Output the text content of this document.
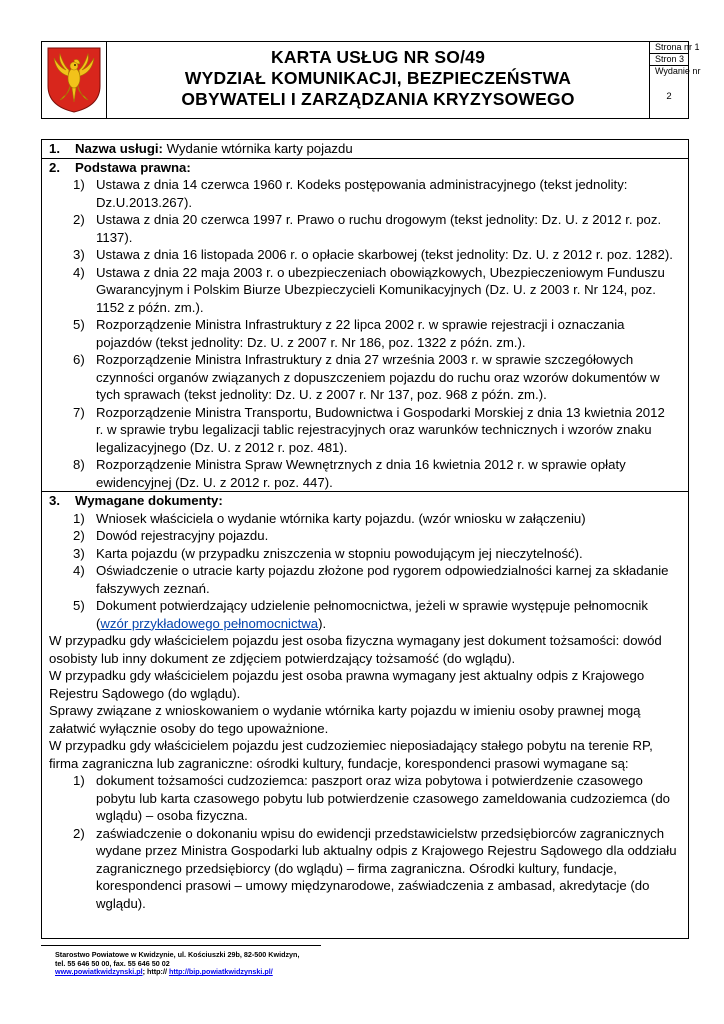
KARTA USŁUG NR SO/49
WYDZIAŁ KOMUNIKACJI, BEZPIECZEŃSTWA
OBYWATELI I ZARZĄDZANIA KRYZYSOWEGO
Strona nr 1
Stron 3
Wydanie nr
2
1. Nazwa usługi: Wydanie wtórnika karty pojazdu
2. Podstawa prawna:
1) Ustawa z dnia 14 czerwca 1960 r. Kodeks postępowania administracyjnego (tekst jednolity:
Dz.U.2013.267).
2) Ustawa z dnia 20 czerwca 1997 r. Prawo o ruchu drogowym (tekst jednolity: Dz. U. z 2012 r. poz.
1137).
3) Ustawa z dnia 16 listopada 2006 r. o opłacie skarbowej (tekst jednolity: Dz. U. z 2012 r. poz. 1282).
4) Ustawa z dnia 22 maja 2003 r. o ubezpieczeniach obowiązkowych, Ubezpieczeniowym Funduszu
Gwarancyjnym i Polskim Biurze Ubezpieczycieli Komunikacyjnych (Dz. U. z 2003 r. Nr 124, poz.
1152 z późn. zm.).
5) Rozporządzenie Ministra Infrastruktury z 22 lipca 2002 r. w sprawie rejestracji i oznaczania
pojazdów (tekst jednolity: Dz. U. z 2007 r. Nr 186, poz. 1322 z późn. zm.).
6) Rozporządzenie Ministra Infrastruktury z dnia 27 września 2003 r. w sprawie szczegółowych
czynności organów związanych z dopuszczeniem pojazdu do ruchu oraz wzorów dokumentów w
tych sprawach (tekst jednolity: Dz. U. z 2007 r. Nr 137, poz. 968 z późn. zm.).
7) Rozporządzenie Ministra Transportu, Budownictwa i Gospodarki Morskiej z dnia 13 kwietnia 2012
r. w sprawie trybu legalizacji tablic rejestracyjnych oraz warunków technicznych i wzorów znaku
legalizacyjnego (Dz. U. z 2012 r. poz. 481).
8) Rozporządzenie Ministra Spraw Wewnętrznych z dnia 16 kwietnia 2012 r. w sprawie opłaty
ewidencyjnej (Dz. U. z 2012 r. poz. 447).
3. Wymagane dokumenty:
1) Wniosek właściciela o wydanie wtórnika karty pojazdu. (wzór wniosku w załączeniu)
2) Dowód rejestracyjny pojazdu.
3) Karta pojazdu (w przypadku zniszczenia w stopniu powodującym jej nieczytelność).
4) Oświadczenie o utracie karty pojazdu złożone pod rygorem odpowiedzialności karnej za składanie
fałszywych zeznań.
5) Dokument potwierdzający udzielenie pełnomocnictwa, jeżeli w sprawie występuje pełnomocnik
(wzór przykładowego pełnomocnictwa).
W przypadku gdy właścicielem pojazdu jest osoba fizyczna wymagany jest dokument tożsamości: dowód
osobisty lub inny dokument ze zdjęciem potwierdzający tożsamość (do wglądu).
W przypadku gdy właścicielem pojazdu jest osoba prawna wymagany jest aktualny odpis z Krajowego
Rejestru Sądowego (do wglądu).
Sprawy związane z wnioskowaniem o wydanie wtórnika karty pojazdu w imieniu osoby prawnej mogą
załatwić wyłącznie osoby do tego upoważnione.
W przypadku gdy właścicielem pojazdu jest cudzoziemiec nieposiadający stałego pobytu na terenie RP,
firma zagraniczna lub zagraniczne: ośrodki kultury, fundacje, korespondenci prasowi wymagane są:
1) dokument tożsamości cudzoziemca: paszport oraz wiza pobytowa i potwierdzenie czasowego
pobytu lub karta czasowego pobytu lub potwierdzenie czasowego zameldowania cudzoziemca (do
wglądu) – osoba fizyczna.
2) zaświadczenie o dokonaniu wpisu do ewidencji przedstawicielstw przedsiębiorców zagranicznych
wydane przez Ministra Gospodarki lub aktualny odpis z Krajowego Rejestru Sądowego dla oddziału
zagranicznego przedsiębiorcy (do wglądu) – firma zagraniczna. Ośrodki kultury, fundacje,
korespondenci prasowi – umowy międzynarodowe, zaświadczenia z ambasad, akredytacje (do
wglądu).
Starostwo Powiatowe w Kwidzynie, ul. Kościuszki 29b, 82-500 Kwidzyn,
tel. 55 646 50 00, fax. 55 646 50 02
www.powiatkwidzynski.pl; http:// http://bip.powiatkwidzynski.pl/
